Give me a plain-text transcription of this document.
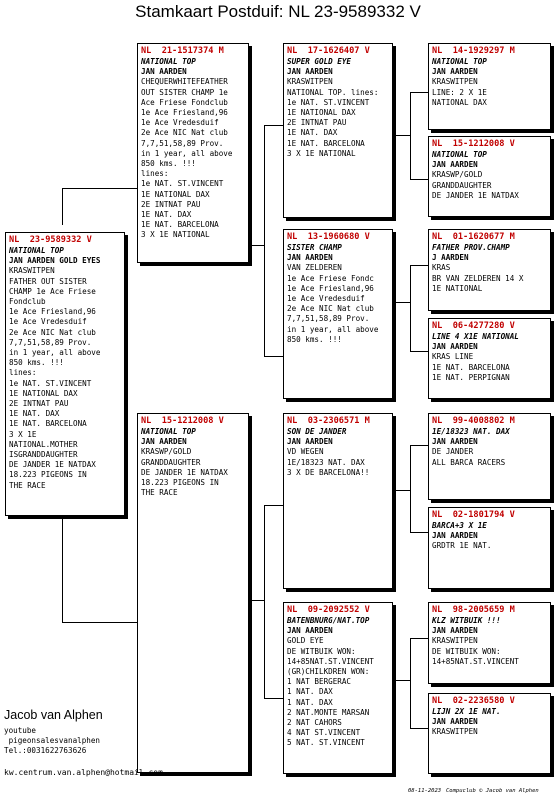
Stamkaart Postduif: NL 23-9589332 V
NL  23-9589332 V
NATIONAL TOP
JAN AARDEN GOLD EYES
KRASWITPEN
FATHER OUT SISTER
CHAMP 1e Ace Friese
Fondclub
1e Ace Friesland,96
1e Ace Vredesduif
2e Ace NIC Nat club
7,7,51,58,89 Prov.
in 1 year, all above
850 kms. !!!
lines:
1e NAT. ST.VINCENT
1E NATIONAL DAX
2E INTNAT PAU
1E NAT. DAX
1E NAT. BARCELONA
3 X 1E
NATIONAL.MOTHER
ISGRANDDAUGHTER
DE JANDER 1E NATDAX
18.223 PIGEONS IN
THE RACE
NL  21-1517374 M
NATIONAL TOP
JAN AARDEN
CHEQUERWHITEFEATHER
OUT SISTER CHAMP 1e
Ace Friese Fondclub
1e Ace Friesland,96
1e Ace Vredesduif
2e Ace NIC Nat club
7,7,51,58,89 Prov.
in 1 year, all above
850 kms. !!!
lines:
1e NAT. ST.VINCENT
1E NATIONAL DAX
2E INTNAT PAU
1E NAT. DAX
1E NAT. BARCELONA
3 X 1E NATIONAL
NL  15-1212008 V
NATIONAL TOP
JAN AARDEN
KRASWP/GOLD
GRANDDAUGHTER
DE JANDER 1E NATDAX
18.223 PIGEONS IN
THE RACE
NL  17-1626407 V
SUPER GOLD EYE
JAN AARDEN
KRASWITPEN
NATIONAL TOP. lines:
1e NAT. ST.VINCENT
1E NATIONAL DAX
2E INTNAT PAU
1E NAT. DAX
1E NAT. BARCELONA
3 X 1E NATIONAL
NL  13-1960680 V
SISTER CHAMP
JAN AARDEN
VAN ZELDEREN
1e Ace Friese Fondc
1e Ace Friesland,96
1e Ace Vredesduif
2e Ace NIC Nat club
7,7,51,58,89 Prov.
in 1 year, all above
850 kms. !!!
NL  03-2306571 M
SON DE JANDER
JAN AARDEN
VD WEGEN
1E/18323 NAT. DAX
3 X DE BARCELONA!!
NL  09-2092552 V
BATENBNURG/NAT.TOP
JAN AARDEN
GOLD EYE
DE WITBUIK WON:
14+85NAT.ST.VINCENT
(GR)CHILKDREN WON:
1 NAT BERGERAC
1 NAT. DAX
1 NAT. DAX
2 NAT.MONTE MARSAN
2 NAT CAHORS
4 NAT ST.VINCENT
5 NAT. ST.VINCENT
NL  14-1929297 M
NATIONAL TOP
JAN AARDEN
KRASWITPEN
LINE: 2 X 1E
NATIONAL DAX
NL  15-1212008 V
NATIONAL TOP
JAN AARDEN
KRASWP/GOLD
GRANDDAUGHTER
DE JANDER 1E NATDAX
NL  01-1620677 M
FATHER PROV.CHAMP
J AARDEN
KRAS
BR VAN ZELDEREN 14 X
1E NATIONAL
NL  06-4277280 V
LINE 4 X1E NATIONAL
JAN AARDEN
KRAS LINE
1E NAT. BARCELONA
1E NAT. PERPIGNAN
NL  99-4008802 M
1E/18323 NAT. DAX
JAN AARDEN
DE JANDER
ALL BARCA RACERS
NL  02-1801794 V
BARCA+3 X 1E
JAN AARDEN
GRDTR 1E NAT.
NL  98-2005659 M
KLZ WITBUIK !!!
JAN AARDEN
KRASWITPEN
DE WITBUIK WON:
14+85NAT.ST.VINCENT
NL  02-2236580 V
LIJN 2X 1E NAT.
JAN AARDEN
KRASWITPEN
Jacob van Alphen
youtube
pigeonsalesvanalphen
Tel.:0031622763626
kw.centrum.van.alphen@hotmail.com
08-11-2023 Compuclub © Jacob van Alphen
